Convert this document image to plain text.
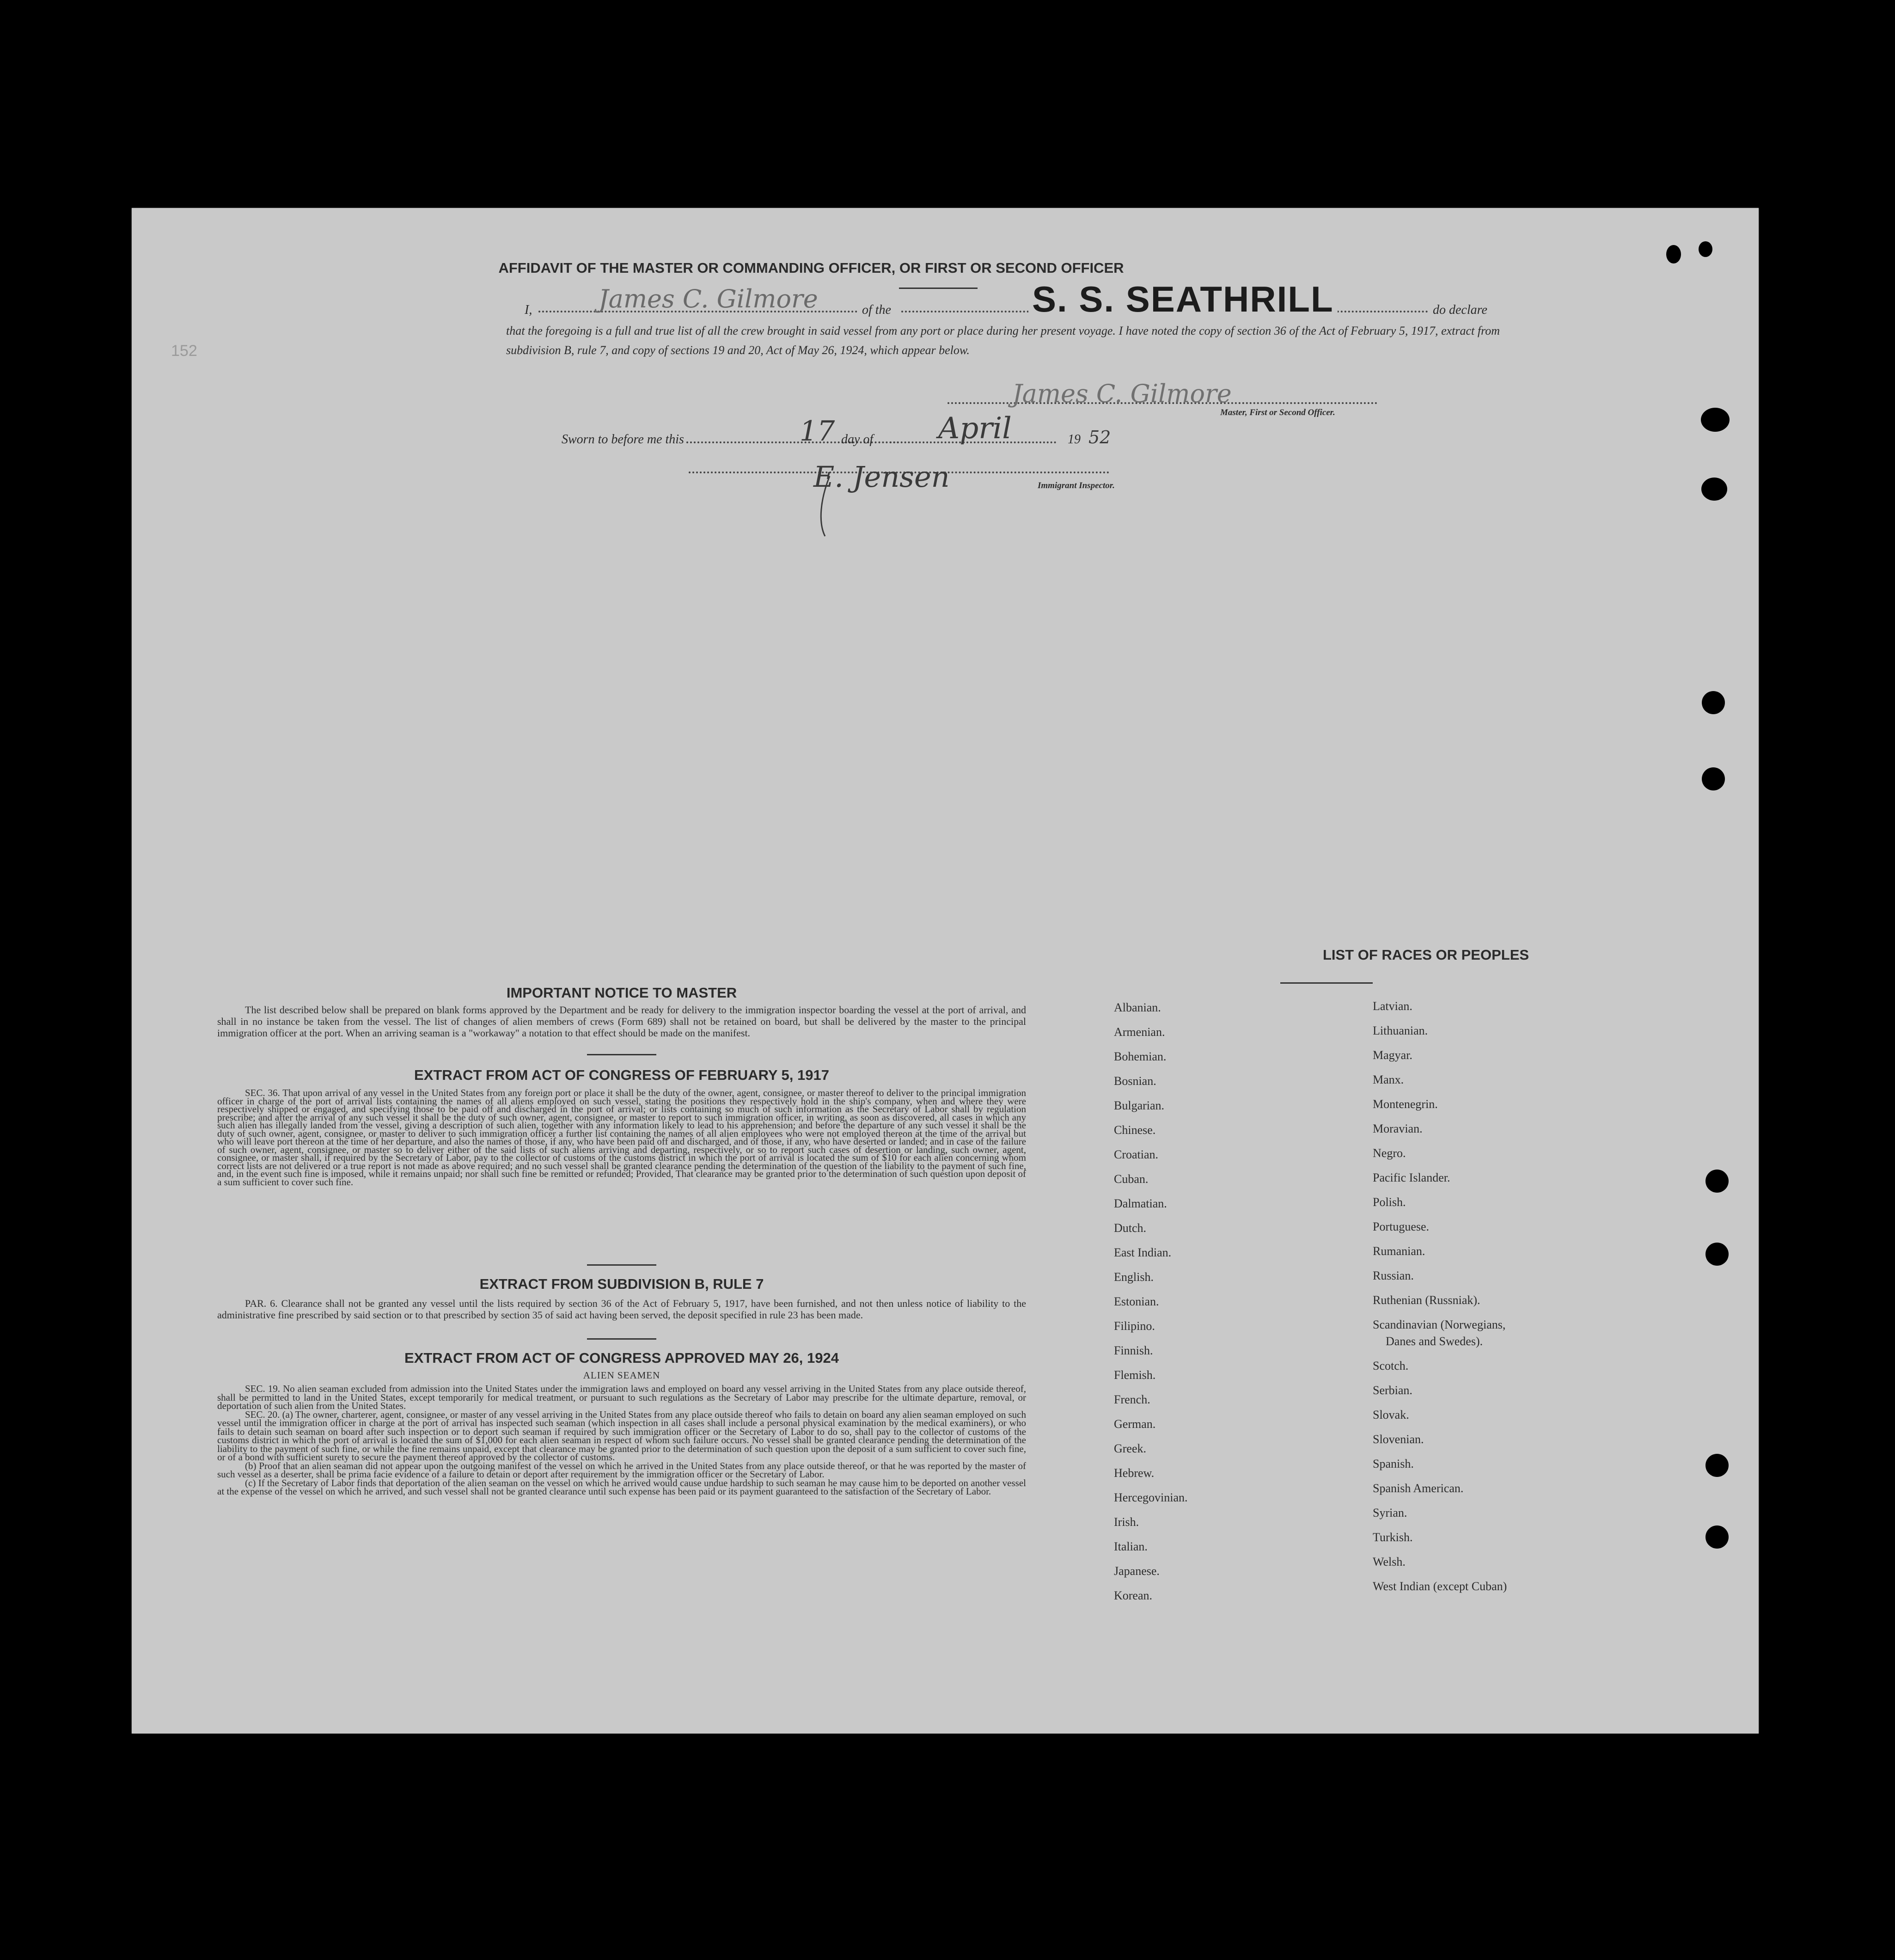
152
AFFIDAVIT OF THE MASTER OR COMMANDING OFFICER, OR FIRST OR SECOND OFFICER
I,	James C. Gilmore	of the	S. S. SEATHRILL	do declare
that the foregoing is a full and true list of all the crew brought in said vessel from any port or place during her present voyage. I have noted the copy of section 36 of the Act of February 5, 1917, extract from subdivision B, rule 7, and copy of sections 19 and 20, Act of May 26, 1924, which appear below.
James C. Gilmore
Master, First or Second Officer.
Sworn to before me this	17 day of April	19 52
E. Jensen	Immigrant Inspector.
IMPORTANT NOTICE TO MASTER
The list described below shall be prepared on blank forms approved by the Department and be ready for delivery to the immigration inspector boarding the vessel at the port of arrival, and shall in no instance be taken from the vessel. The list of changes of alien members of crews (Form 689) shall not be retained on board, but shall be delivered by the master to the principal immigration officer at the port. When an arriving seaman is a "workaway" a notation to that effect should be made on the manifest.
EXTRACT FROM ACT OF CONGRESS OF FEBRUARY 5, 1917
SEC. 36. That upon arrival of any vessel in the United States from any foreign port or place it shall be the duty of the owner, agent, consignee, or master thereof to deliver to the principal immigration officer in charge of the port of arrival lists containing the names of all aliens employed on such vessel, stating the positions they respectively hold in the ship's company, when and where they were respectively shipped or engaged, and specifying those to be paid off and discharged in the port of arrival; or lists containing so much of such information as the Secretary of Labor shall by regulation prescribe; and after the arrival of any such vessel it shall be the duty of such owner, agent, consignee, or master to report to such immigration officer, in writing, as soon as discovered, all cases in which any such alien has illegally landed from the vessel, giving a description of such alien, together with any information likely to lead to his apprehension; and before the departure of any such vessel it shall be the duty of such owner, agent, consignee, or master to deliver to such immigration officer a further list containing the names of all alien employees who were not employed thereon at the time of the arrival but who will leave port thereon at the time of her departure, and also the names of those, if any, who have been paid off and discharged, and of those, if any, who have deserted or landed; and in case of the failure of such owner, agent, consignee, or master so to deliver either of the said lists of such aliens arriving and departing, respectively, or so to report such cases of desertion or landing, such owner, agent, consignee, or master shall, if required by the Secretary of Labor, pay to the collector of customs of the customs district in which the port of arrival is located the sum of $10 for each alien concerning whom correct lists are not delivered or a true report is not made as above required; and no such vessel shall be granted clearance pending the determination of the question of the liability to the payment of such fine, and, in the event such fine is imposed, while it remains unpaid; nor shall such fine be remitted or refunded; Provided, That clearance may be granted prior to the determination of such question upon deposit of a sum sufficient to cover such fine.
EXTRACT FROM SUBDIVISION B, RULE 7
PAR. 6. Clearance shall not be granted any vessel until the lists required by section 36 of the Act of February 5, 1917, have been furnished, and not then unless notice of liability to the administrative fine prescribed by said section or to that prescribed by section 35 of said act having been served, the deposit specified in rule 23 has been made.
EXTRACT FROM ACT OF CONGRESS APPROVED MAY 26, 1924
ALIEN SEAMEN
SEC. 19. No alien seaman excluded from admission into the United States under the immigration laws and employed on board any vessel arriving in the United States from any place outside thereof, shall be permitted to land in the United States, except temporarily for medical treatment, or pursuant to such regulations as the Secretary of Labor may prescribe for the ultimate departure, removal, or deportation of such alien from the United States.
SEC. 20. (a) The owner, charterer, agent, consignee, or master of any vessel arriving in the United States from any place outside thereof who fails to detain on board any alien seaman employed on such vessel until the immigration officer in charge at the port of arrival has inspected such seaman (which inspection in all cases shall include a personal physical examination by the medical examiners), or who fails to detain such seaman on board after such inspection or to deport such seaman if required by such immigration officer or the Secretary of Labor to do so, shall pay to the collector of customs of the customs district in which the port of arrival is located the sum of $1,000 for each alien seaman in respect of whom such failure occurs. No vessel shall be granted clearance pending the determination of the liability to the payment of such fine, or while the fine remains unpaid, except that clearance may be granted prior to the determination of such question upon the deposit of a sum sufficient to cover such fine, or of a bond with sufficient surety to secure the payment thereof approved by the collector of customs.
(b) Proof that an alien seaman did not appear upon the outgoing manifest of the vessel on which he arrived in the United States from any place outside thereof, or that he was reported by the master of such vessel as a deserter, shall be prima facie evidence of a failure to detain or deport after requirement by the immigration officer or the Secretary of Labor.
(c) If the Secretary of Labor finds that deportation of the alien seaman on the vessel on which he arrived would cause undue hardship to such seaman he may cause him to be deported on another vessel at the expense of the vessel on which he arrived, and such vessel shall not be granted clearance until such expense has been paid or its payment guaranteed to the satisfaction of the Secretary of Labor.
LIST OF RACES OR PEOPLES
Albanian.
Armenian.
Bohemian.
Bosnian.
Bulgarian.
Chinese.
Croatian.
Cuban.
Dalmatian.
Dutch.
East Indian.
English.
Estonian.
Filipino.
Finnish.
Flemish.
French.
German.
Greek.
Hebrew.
Hercegovinian.
Irish.
Italian.
Japanese.
Korean.
Latvian.
Lithuanian.
Magyar.
Manx.
Montenegrin.
Moravian.
Negro.
Pacific Islander.
Polish.
Portuguese.
Rumanian.
Russian.
Ruthenian (Russniak).
Scandinavian (Norwegians,
Danes and Swedes).
Scotch.
Serbian.
Slovak.
Slovenian.
Spanish.
Spanish American.
Syrian.
Turkish.
Welsh.
West Indian (except Cuban)
